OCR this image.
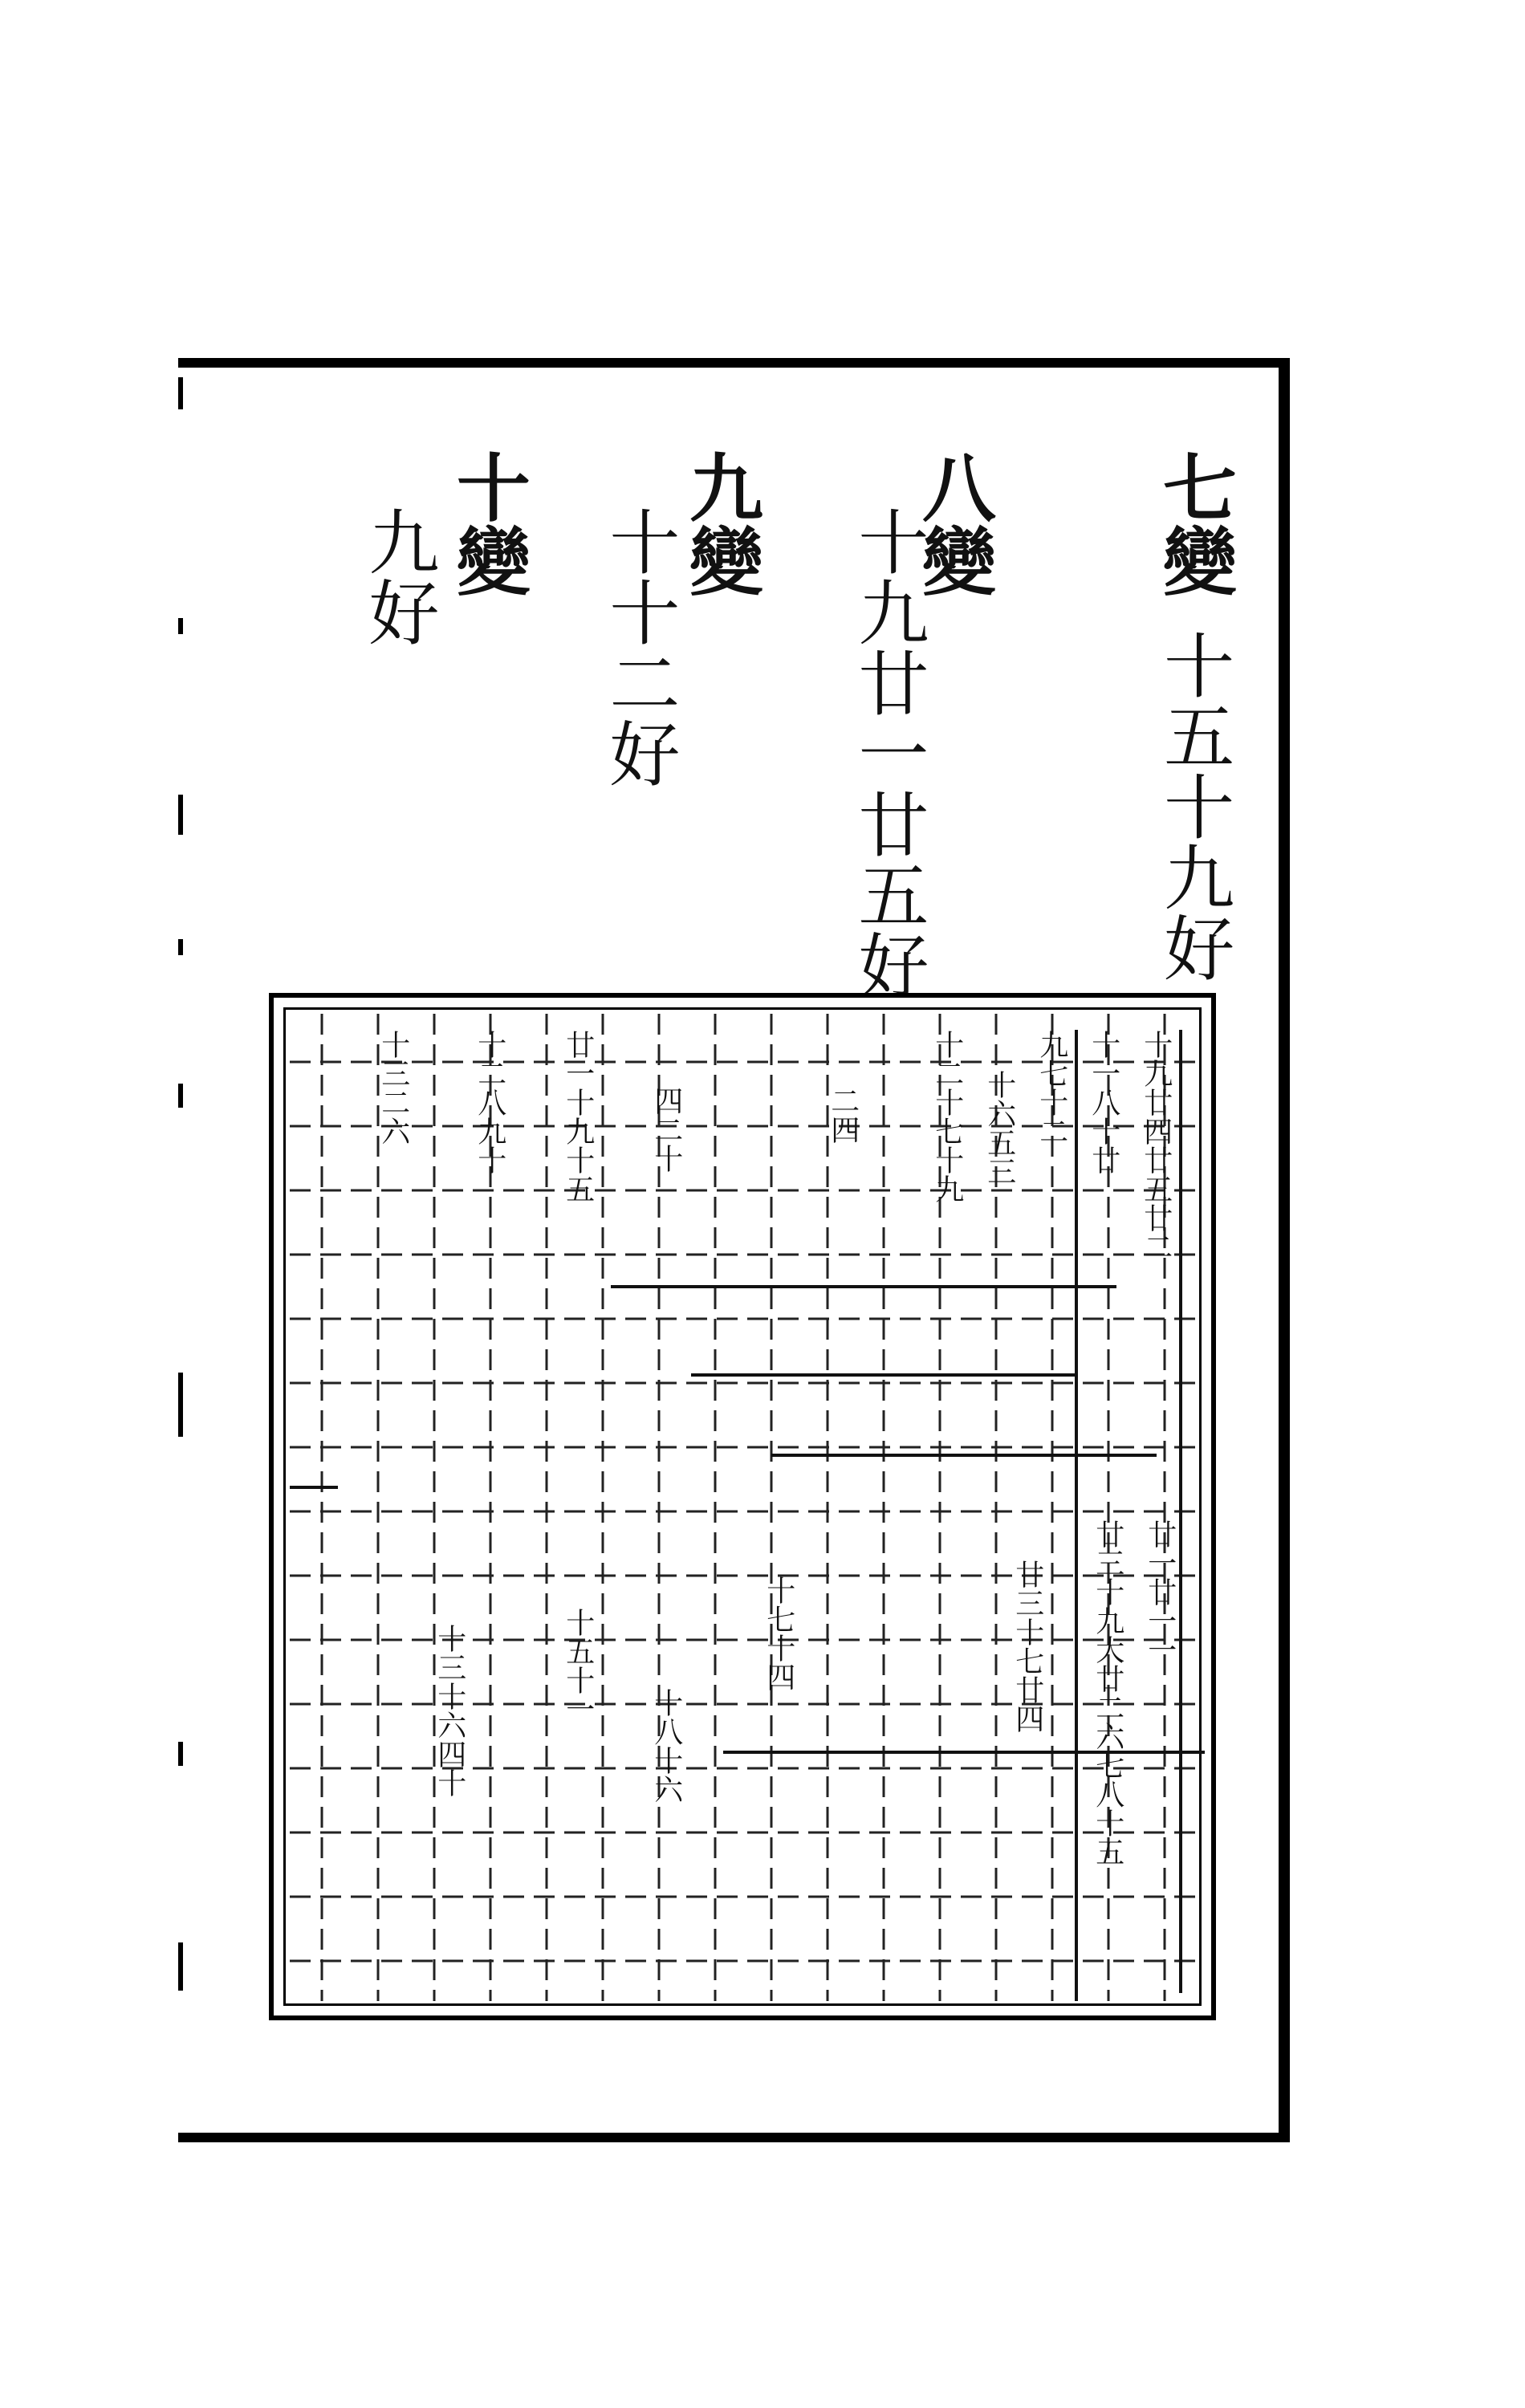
七變
十五十九好
八變
十九廿一廿五好
九變
十十二好
十變
九好
十九廿四廿五廿二
十一八十廿
九七十二
十六五三
十二十七十九
二四
四二十
廿一十九十五
十二八九十
十三二六
廿一廿一一
廿三十九大廿二六七八十五
廿三十七廿四
十七十四
十五十一
十八十六
十三十六四十
